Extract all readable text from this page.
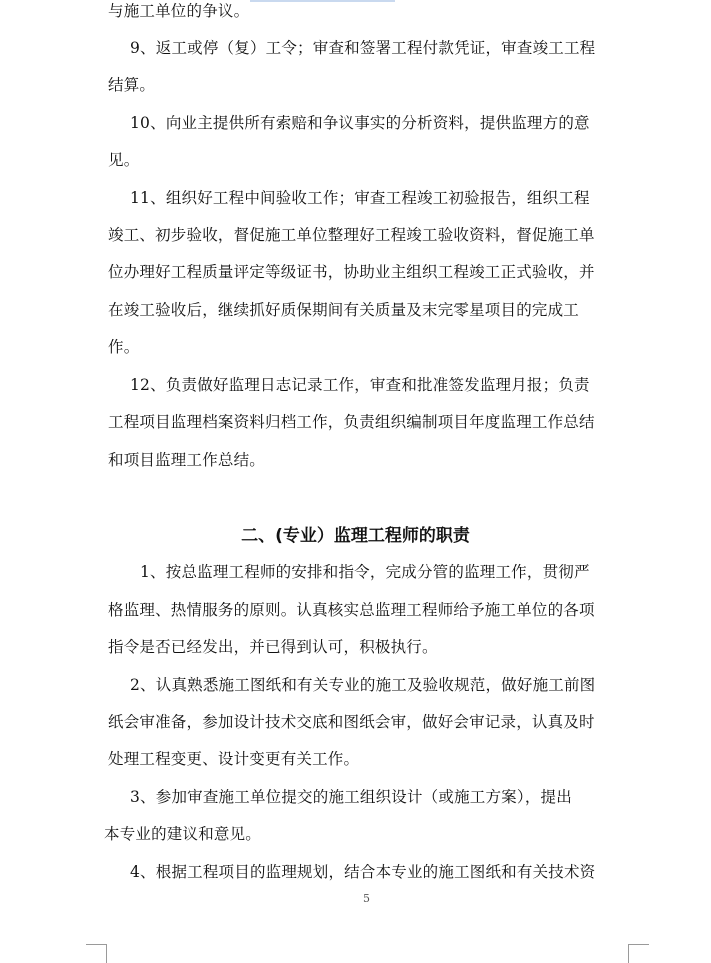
与施工单位的争议。
9、返工或停（复）工令；审查和签署工程付款凭证，审查竣工工程
结算。
10、向业主提供所有索赔和争议事实的分析资料，提供监理方的意
见。
11、组织好工程中间验收工作；审查工程竣工初验报告，组织工程
竣工、初步验收，督促施工单位整理好工程竣工验收资料，督促施工单
位办理好工程质量评定等级证书，协助业主组织工程竣工正式验收，并
在竣工验收后，继续抓好质保期间有关质量及末完零星项目的完成工
作。
12、负责做好监理日志记录工作，审查和批准签发监理月报；负责
工程项目监理档案资料归档工作，负责组织编制项目年度监理工作总结
和项目监理工作总结。
二、(专业）监理工程师的职责
1、按总监理工程师的安排和指令，完成分管的监理工作，贯彻严
格监理、热情服务的原则。认真核实总监理工程师给予施工单位的各项
指令是否已经发出，并已得到认可，积极执行。
2、认真熟悉施工图纸和有关专业的施工及验收规范，做好施工前图
纸会审准备，参加设计技术交底和图纸会审，做好会审记录，认真及时
处理工程变更、设计变更有关工作。
3、参加审查施工单位提交的施工组织设计（或施工方案），提出
本专业的建议和意见。
4、根据工程项目的监理规划，结合本专业的施工图纸和有关技术资
5
